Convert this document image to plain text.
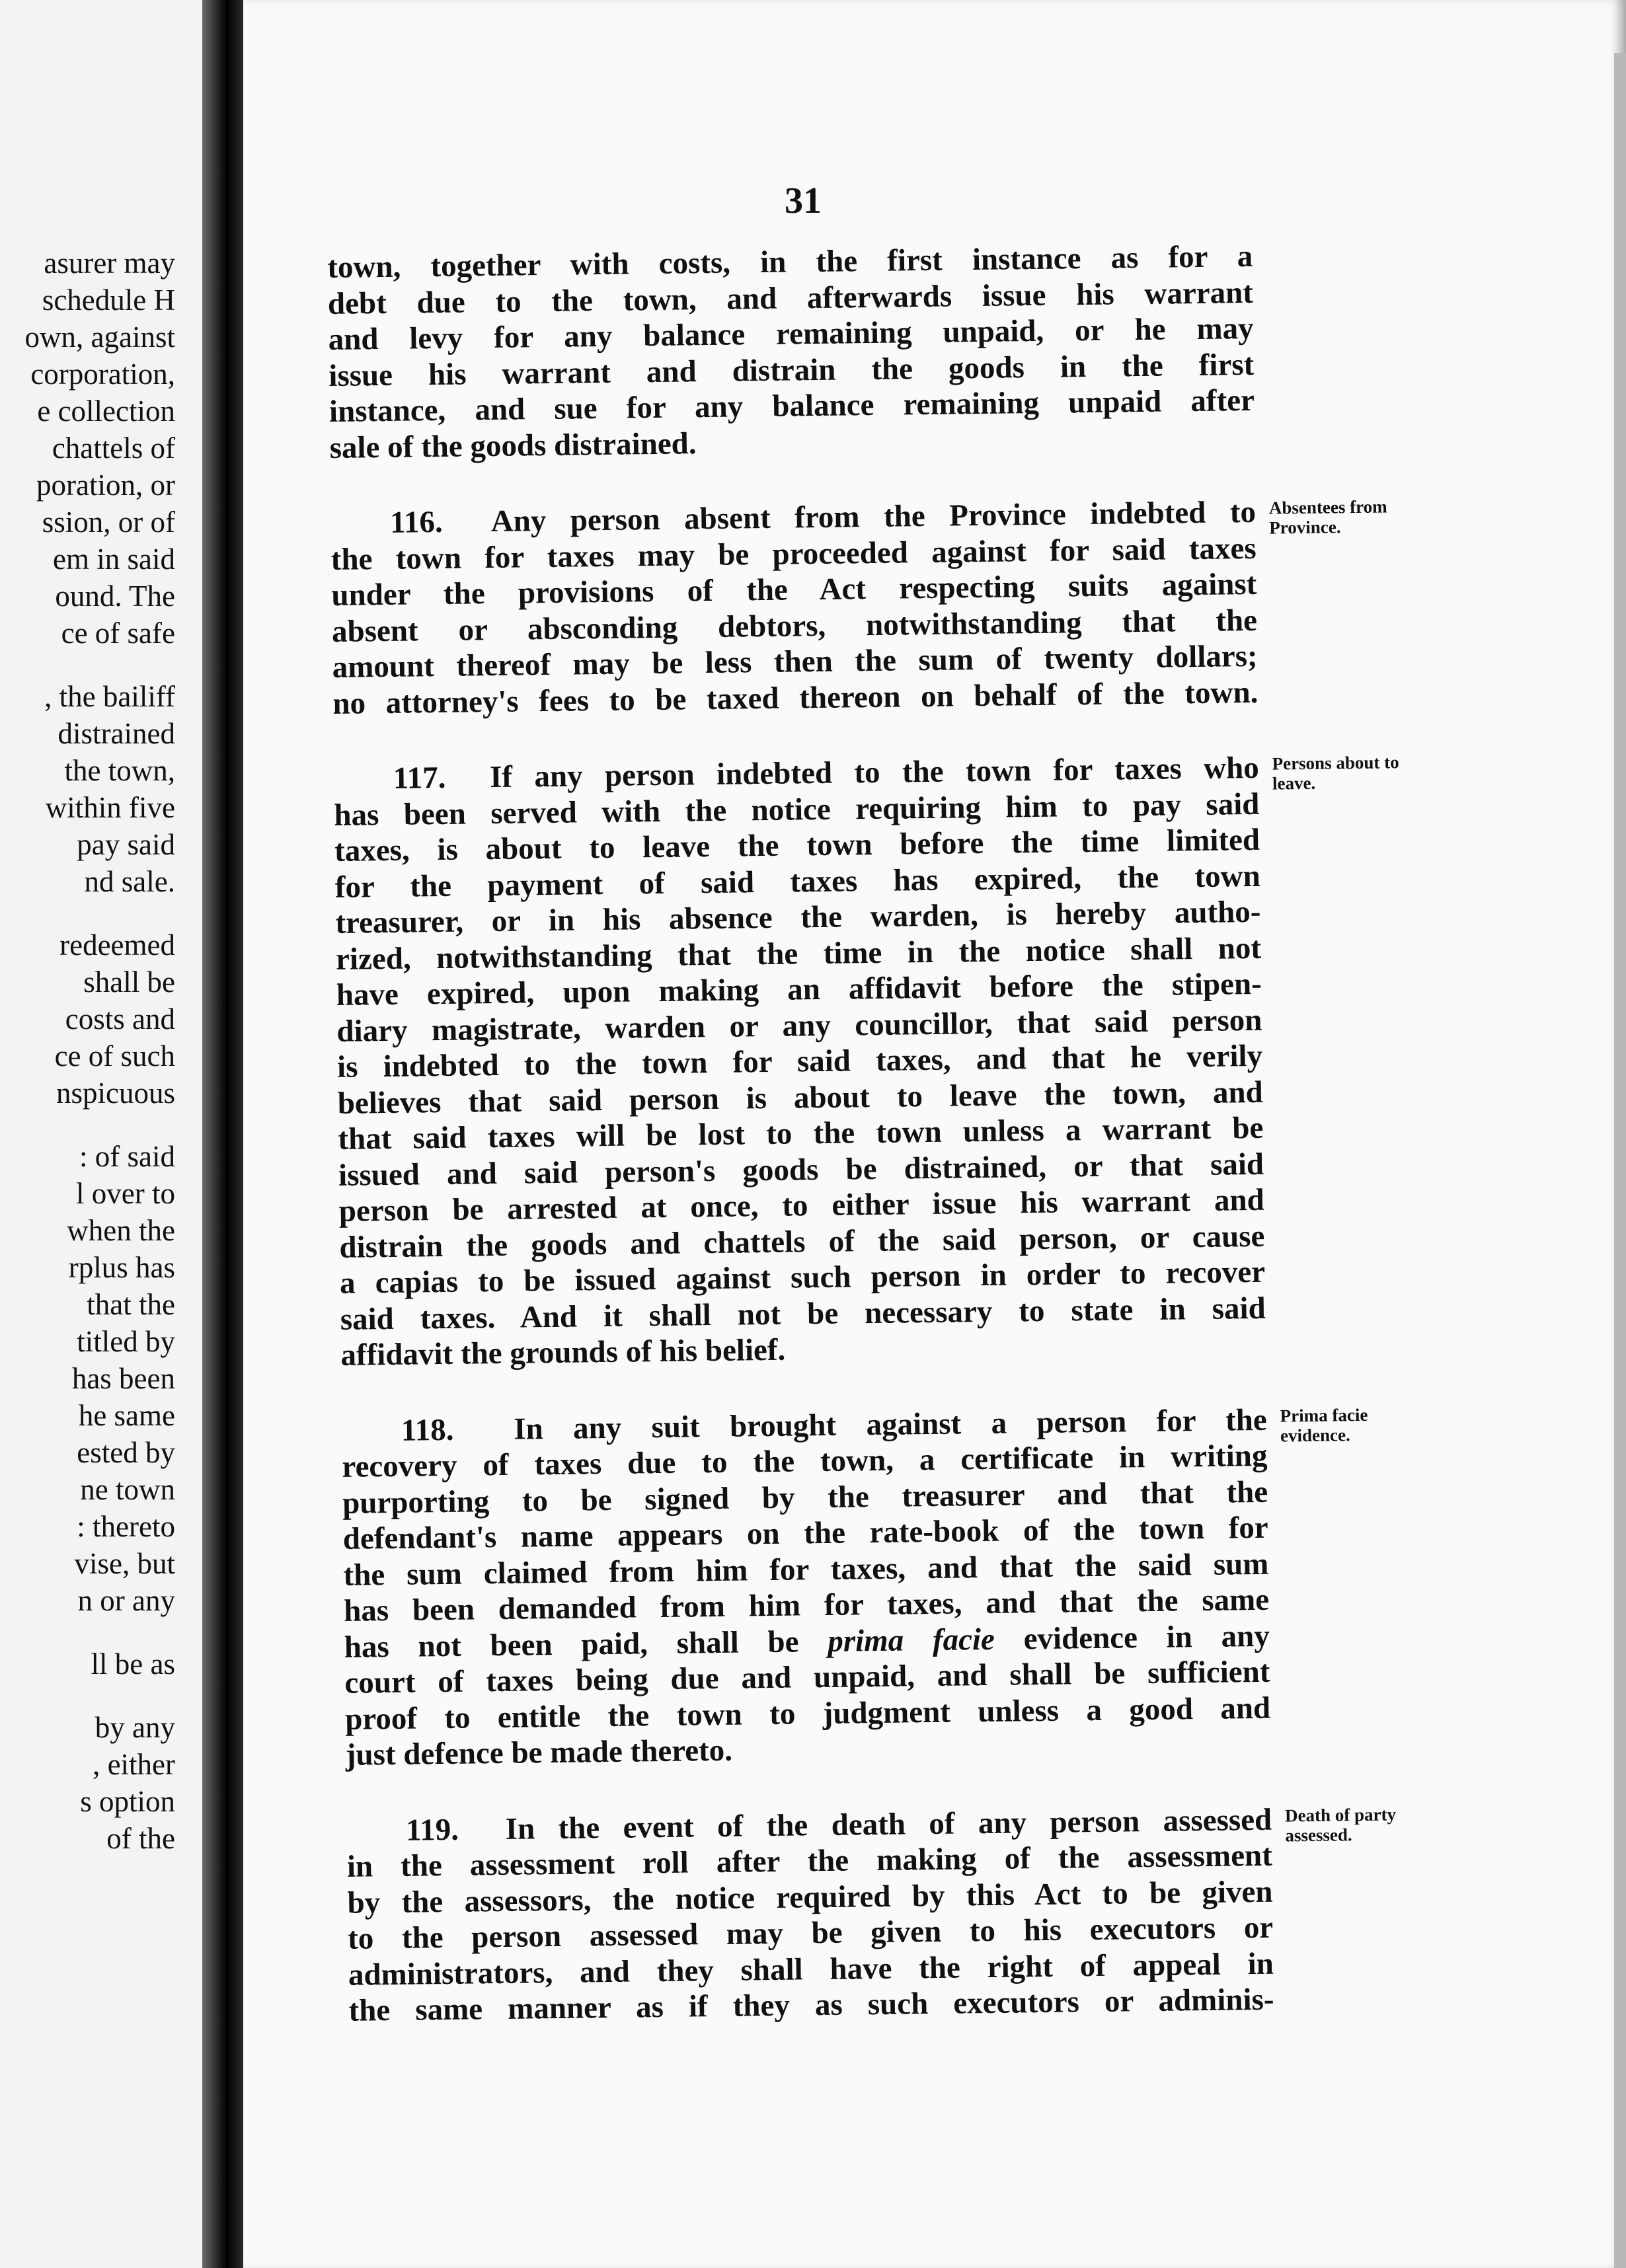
asurer may
schedule H
own, against
corporation,
e collection
chattels of
poration, or
ssion, or of
em in said
ound. The
ce of safe
, the bailiff
distrained
the town,
within five
pay said
nd sale.
redeemed
shall be
costs and
ce of such
nspicuous
: of said
l over to
when the
rplus has
that the
titled by
has been
he same
ested by
ne town
: thereto
vise, but
n or any
ll be as
by any
, either
s option
of the
31
town, together with costs, in the first instance as for a
debt due to the town, and afterwards issue his warrant
and levy for any balance remaining unpaid, or he may
issue his warrant and distrain the goods in the first
instance, and sue for any balance remaining unpaid after
sale of the goods distrained.
Absentees from
Province.
116. Any person absent from the Province indebted to
the town for taxes may be proceeded against for said taxes
under the provisions of the Act respecting suits against
absent or absconding debtors, notwithstanding that the
amount thereof may be less then the sum of twenty dollars;
no attorney's fees to be taxed thereon on behalf of the town.
Persons about to
leave.
117. If any person indebted to the town for taxes who
has been served with the notice requiring him to pay said
taxes, is about to leave the town before the time limited
for the payment of said taxes has expired, the town
treasurer, or in his absence the warden, is hereby autho-
rized, notwithstanding that the time in the notice shall not
have expired, upon making an affidavit before the stipen-
diary magistrate, warden or any councillor, that said person
is indebted to the town for said taxes, and that he verily
believes that said person is about to leave the town, and
that said taxes will be lost to the town unless a warrant be
issued and said person's goods be distrained, or that said
person be arrested at once, to either issue his warrant and
distrain the goods and chattels of the said person, or cause
a capias to be issued against such person in order to recover
said taxes. And it shall not be necessary to state in said
affidavit the grounds of his belief.
Prima facie
evidence.
118. In any suit brought against a person for the
recovery of taxes due to the town, a certificate in writing
purporting to be signed by the treasurer and that the
defendant's name appears on the rate-book of the town for
the sum claimed from him for taxes, and that the said sum
has been demanded from him for taxes, and that the same
has not been paid, shall be prima facie evidence in any
court of taxes being due and unpaid, and shall be sufficient
proof to entitle the town to judgment unless a good and
just defence be made thereto.
Death of party
assessed.
119. In the event of the death of any person assessed
in the assessment roll after the making of the assessment
by the assessors, the notice required by this Act to be given
to the person assessed may be given to his executors or
administrators, and they shall have the right of appeal in
the same manner as if they as such executors or adminis-
